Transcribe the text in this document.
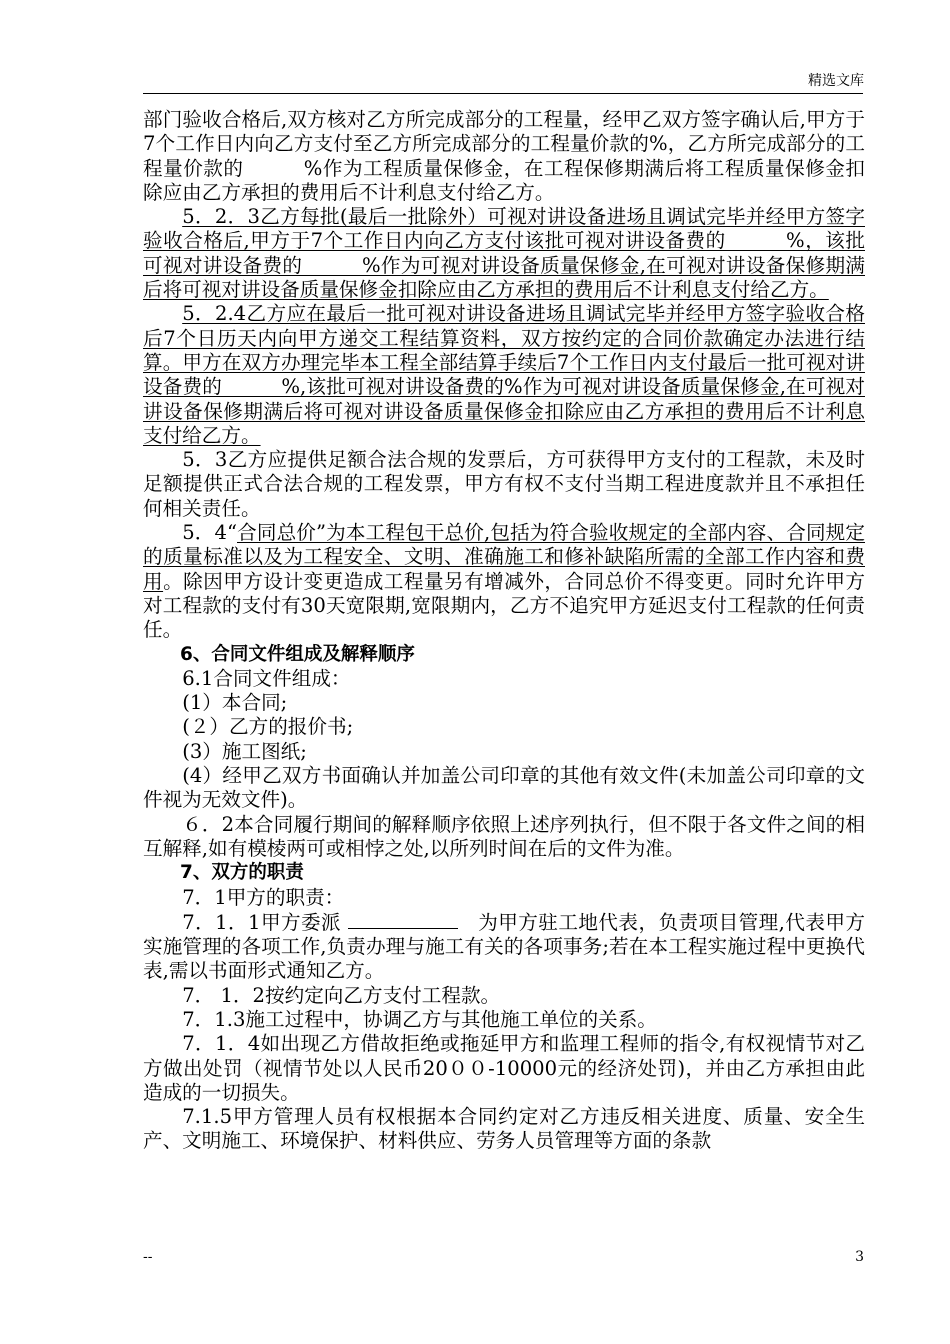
精选文库

部门验收合格后,双方核对乙方所完成部分的工程量，经甲乙双方签字确认后,甲方于7个工作日内向乙方支付至乙方所完成部分的工程量价款的%，乙方所完成部分的工程量价款的　　　%作为工程质量保修金，在工程保修期满后将工程质量保修金扣除应由乙方承担的费用后不计利息支付给乙方。

5．2．3乙方每批(最后一批除外）可视对讲设备进场且调试完毕并经甲方签字验收合格后,甲方于7个工作日内向乙方支付该批可视对讲设备费的　　　%，该批可视对讲设备费的　　　%作为可视对讲设备质量保修金,在可视对讲设备保修期满后将可视对讲设备质量保修金扣除应由乙方承担的费用后不计利息支付给乙方。

5．2.4乙方应在最后一批可视对讲设备进场且调试完毕并经甲方签字验收合格后7个日历天内向甲方递交工程结算资料，双方按约定的合同价款确定办法进行结算。甲方在双方办理完毕本工程全部结算手续后7个工作日内支付最后一批可视对讲设备费的　　　%,该批可视对讲设备费的%作为可视对讲设备质量保修金,在可视对讲设备保修期满后将可视对讲设备质量保修金扣除应由乙方承担的费用后不计利息支付给乙方。

5．3乙方应提供足额合法合规的发票后，方可获得甲方支付的工程款，未及时足额提供正式合法合规的工程发票，甲方有权不支付当期工程进度款并且不承担任何相关责任。

5．4“合同总价”为本工程包干总价,包括为符合验收规定的全部内容、合同规定的质量标准以及为工程安全、文明、准确施工和修补缺陷所需的全部工作内容和费用。除因甲方设计变更造成工程量另有增减外，合同总价不得变更。同时允许甲方对工程款的支付有30天宽限期,宽限期内，乙方不追究甲方延迟支付工程款的任何责任。

6、合同文件组成及解释顺序

6.1合同文件组成：

(1）本合同;

(２）乙方的报价书;

(3）施工图纸;

(4）经甲乙双方书面确认并加盖公司印章的其他有效文件(未加盖公司印章的文件视为无效文件)。

６．2本合同履行期间的解释顺序依照上述序列执行，但不限于各文件之间的相互解释,如有模棱两可或相悖之处,以所列时间在后的文件为准。

7、双方的职责

7．1甲方的职责：

7．1．1甲方委派 　	为甲方驻工地代表，负责项目管理,代表甲方实施管理的各项工作,负责办理与施工有关的各项事务;若在本工程实施过程中更换代表,需以书面形式通知乙方。

7． 1．2按约定向乙方支付工程款。

7．1.3施工过程中，协调乙方与其他施工单位的关系。

7．1．4如出现乙方借故拒绝或拖延甲方和监理工程师的指令,有权视情节对乙方做出处罚（视情节处以人民币20００-10000元的经济处罚)，并由乙方承担由此造成的一切损失。

7.1.5甲方管理人员有权根据本合同约定对乙方违反相关进度、质量、安全生产、文明施工、环境保护、材料供应、劳务人员管理等方面的条款

--	3
